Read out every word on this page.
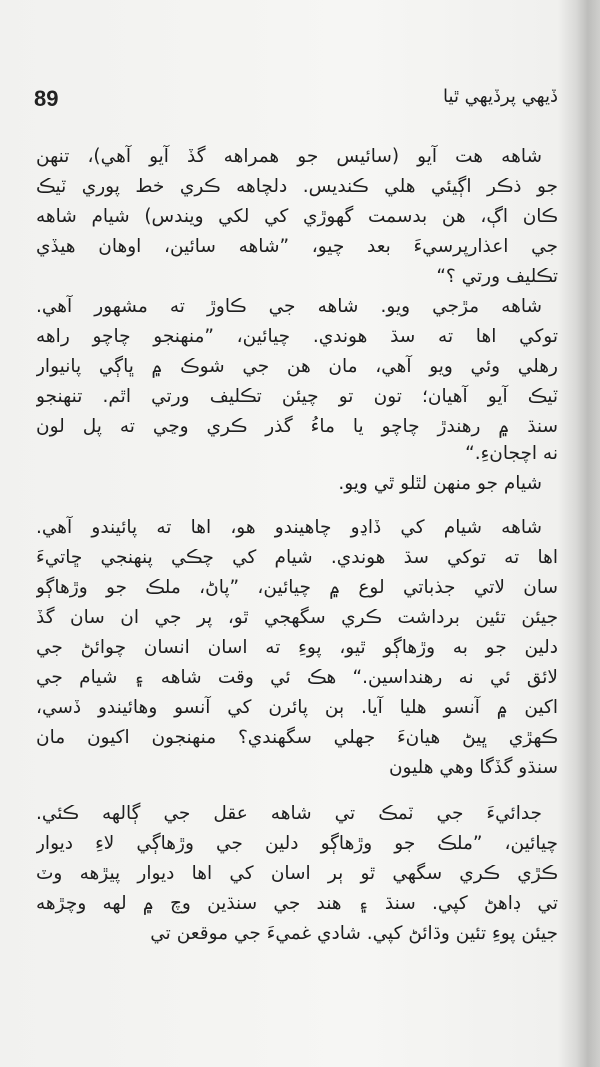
89	ڏيهي پرڏيهي ٿيا
شاهه هت آيو (سائيس جو همراهه گڏ آيو آهي)، تنهن
جو ذڪر اڳيئي هلي ڪنديس. دلچاهه ڪري خط پوري ٽيڪ
ڪان اڳ، هن بدسمت گهوڙي کي لکي ويندس) شيام شاهه
جي اعذارپرسيءَ بعد چيو، ”شاهه سائين، اوهان هيڏي
تڪليف ورتي ؟“
شاهه مڙجي ويو. شاهه جي ڪاوڙ ته مشهور آهي.
توکي اها ته سڌ هوندي. چيائين، ”منهنجو چاچو راهه
رهلي وئي ويو آهي، مان هن جي شوڪ ۾ ڀاڳي پانيوار
ٽيڪ آيو آهيان؛ تون تو چيئن تڪليف ورتي اٿم. تنهنجو
سنڌ ۾ رهندڙ چاچو يا ماءُ گذر ڪري وڃي ته پل لون
نه اچجانءِ.“
شيام جو منهن لٿلو ٿي ويو.
شاهه شيام کي ڏاڍو چاهيندو هو، اها ته پائيندو آهي.
اها ته توکي سڌ هوندي. شيام کي چڪي پنهنجي ڇاتيءَ
سان لاتي جذباتي لوع ۾ چيائين، ”پاڻ، ملڪ جو وڙهاڳو
جيئن تئين برداشت ڪري سگهجي ٿو، پر جي ان سان گڏ
دلين جو به وڙهاڳو ٿيو، پوءِ ته اسان انسان چوائڻ جي
لائق ئي نه رهنداسين.“ هڪ ئي وقت شاهه ۽ شيام جي
اکين ۾ آنسو هليا آيا. ٻن پائرن کي آنسو وهائيندو ڏسي،
ڪهڙي ڀيڻ هيانءَ جهلي سگهندي؟ منهنجون اکيون مان
سنڌو گڏگا وهي هليون
جدائيءَ جي ٽمڪ تي شاهه عقل جي ڳالهه ڪئي.
چيائين، ”ملڪ جو وڙهاڳو دلين جي وڙهاڳي لاءِ ديوار
ڪڙي ڪري سگهي ٿو ٻر اسان کي اها ديوار پيڙهه وٽ
تي ڊاهڻ کپي. سنڌ ۽ هند جي سنڌين وچ ۾ لهه وچڙهه
جيئن پوءِ تئين وڌائڻ کپي. شادي غميءَ جي موقعن تي
